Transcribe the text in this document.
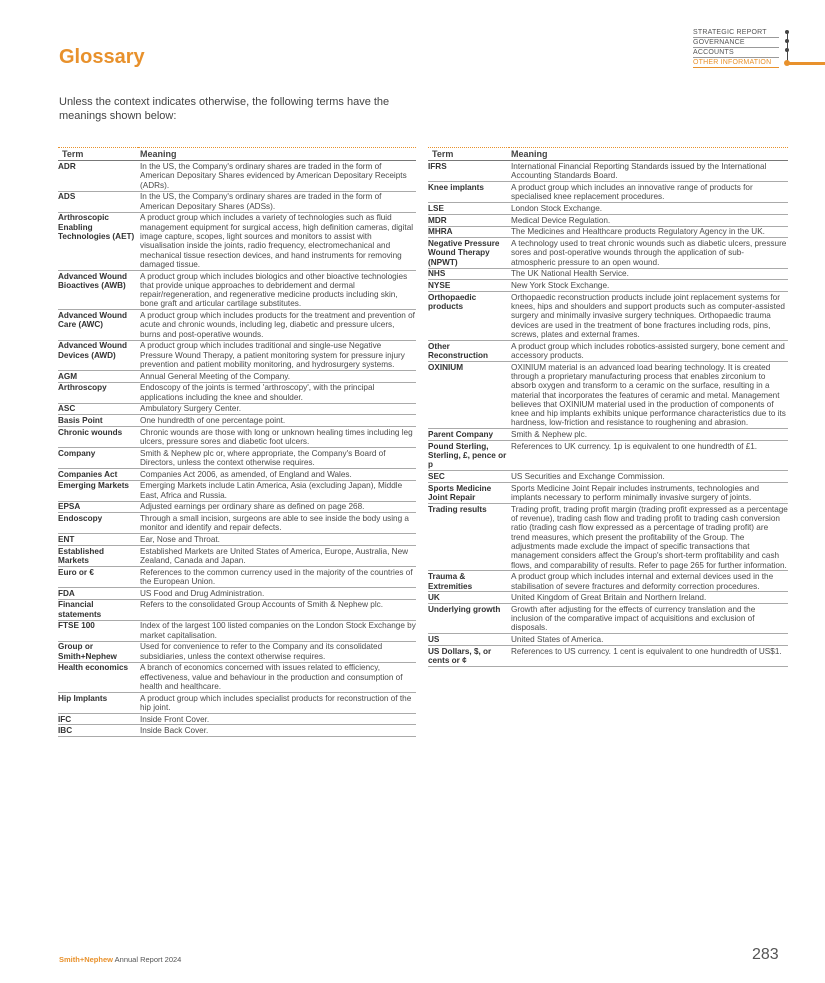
Glossary
STRATEGIC REPORT
GOVERNANCE
ACCOUNTS
OTHER INFORMATION

Unless the context indicates otherwise, the following terms have the meanings shown below:

Term	Meaning
ADR	In the US, the Company's ordinary shares are traded in the form of American Depositary Shares evidenced by American Depositary Receipts (ADRs).
ADS	In the US, the Company's ordinary shares are traded in the form of American Depositary Shares (ADSs).
Arthroscopic Enabling Technologies (AET)	A product group which includes a variety of technologies such as fluid management equipment for surgical access, high definition cameras, digital image capture, scopes, light sources and monitors to assist with visualisation inside the joints, radio frequency, electromechanical and mechanical tissue resection devices, and hand instruments for removing damaged tissue.
Advanced Wound Bioactives (AWB)	A product group which includes biologics and other bioactive technologies that provide unique approaches to debridement and dermal repair/regeneration, and regenerative medicine products including skin, bone graft and articular cartilage substitutes.
Advanced Wound Care (AWC)	A product group which includes products for the treatment and prevention of acute and chronic wounds, including leg, diabetic and pressure ulcers, burns and post-operative wounds.
Advanced Wound Devices (AWD)	A product group which includes traditional and single-use Negative Pressure Wound Therapy, a patient monitoring system for pressure injury prevention and patient mobility monitoring, and hydrosurgery systems.
AGM	Annual General Meeting of the Company.
Arthroscopy	Endoscopy of the joints is termed 'arthroscopy', with the principal applications including the knee and shoulder.
ASC	Ambulatory Surgery Center.
Basis Point	One hundredth of one percentage point.
Chronic wounds	Chronic wounds are those with long or unknown healing times including leg ulcers, pressure sores and diabetic foot ulcers.
Company	Smith & Nephew plc or, where appropriate, the Company's Board of Directors, unless the context otherwise requires.
Companies Act	Companies Act 2006, as amended, of England and Wales.
Emerging Markets	Emerging Markets include Latin America, Asia (excluding Japan), Middle East, Africa and Russia.
EPSA	Adjusted earnings per ordinary share as defined on page 268.
Endoscopy	Through a small incision, surgeons are able to see inside the body using a monitor and identify and repair defects.
ENT	Ear, Nose and Throat.
Established Markets	Established Markets are United States of America, Europe, Australia, New Zealand, Canada and Japan.
Euro or €	References to the common currency used in the majority of the countries of the European Union.
FDA	US Food and Drug Administration.
Financial statements	Refers to the consolidated Group Accounts of Smith & Nephew plc.
FTSE 100	Index of the largest 100 listed companies on the London Stock Exchange by market capitalisation.
Group or Smith+Nephew	Used for convenience to refer to the Company and its consolidated subsidiaries, unless the context otherwise requires.
Health economics	A branch of economics concerned with issues related to efficiency, effectiveness, value and behaviour in the production and consumption of health and healthcare.
Hip Implants	A product group which includes specialist products for reconstruction of the hip joint.
IFC	Inside Front Cover.
IBC	Inside Back Cover.
Term	Meaning
IFRS	International Financial Reporting Standards issued by the International Accounting Standards Board.
Knee implants	A product group which includes an innovative range of products for specialised knee replacement procedures.
LSE	London Stock Exchange.
MDR	Medical Device Regulation.
MHRA	The Medicines and Healthcare products Regulatory Agency in the UK.
Negative Pressure Wound Therapy (NPWT)	A technology used to treat chronic wounds such as diabetic ulcers, pressure sores and post-operative wounds through the application of sub-atmospheric pressure to an open wound.
NHS	The UK National Health Service.
NYSE	New York Stock Exchange.
Orthopaedic products	Orthopaedic reconstruction products include joint replacement systems for knees, hips and shoulders and support products such as computer-assisted surgery and minimally invasive surgery techniques. Orthopaedic trauma devices are used in the treatment of bone fractures including rods, pins, screws, plates and external frames.
Other Reconstruction	A product group which includes robotics-assisted surgery, bone cement and accessory products.
OXINIUM	OXINIUM material is an advanced load bearing technology. It is created through a proprietary manufacturing process that enables zirconium to absorb oxygen and transform to a ceramic on the surface, resulting in a material that incorporates the features of ceramic and metal. Management believes that OXINIUM material used in the production of components of knee and hip implants exhibits unique performance characteristics due to its hardness, low-friction and resistance to roughening and abrasion.
Parent Company	Smith & Nephew plc.
Pound Sterling, Sterling, £, pence or p	References to UK currency. 1p is equivalent to one hundredth of £1.
SEC	US Securities and Exchange Commission.
Sports Medicine Joint Repair	Sports Medicine Joint Repair includes instruments, technologies and implants necessary to perform minimally invasive surgery of joints.
Trading results	Trading profit, trading profit margin (trading profit expressed as a percentage of revenue), trading cash flow and trading profit to trading cash conversion ratio (trading cash flow expressed as a percentage of trading profit) are trend measures, which present the profitability of the Group. The adjustments made exclude the impact of specific transactions that management considers affect the Group's short-term profitability and cash flows, and comparability of results. Refer to page 265 for further information.
Trauma & Extremities	A product group which includes internal and external devices used in the stabilisation of severe fractures and deformity correction procedures.
UK	United Kingdom of Great Britain and Northern Ireland.
Underlying growth	Growth after adjusting for the effects of currency translation and the inclusion of the comparative impact of acquisitions and exclusion of disposals.
US	United States of America.
US Dollars, $, or cents or ¢	References to US currency. 1 cent is equivalent to one hundredth of US$1.
Smith+Nephew Annual Report 2024	283
